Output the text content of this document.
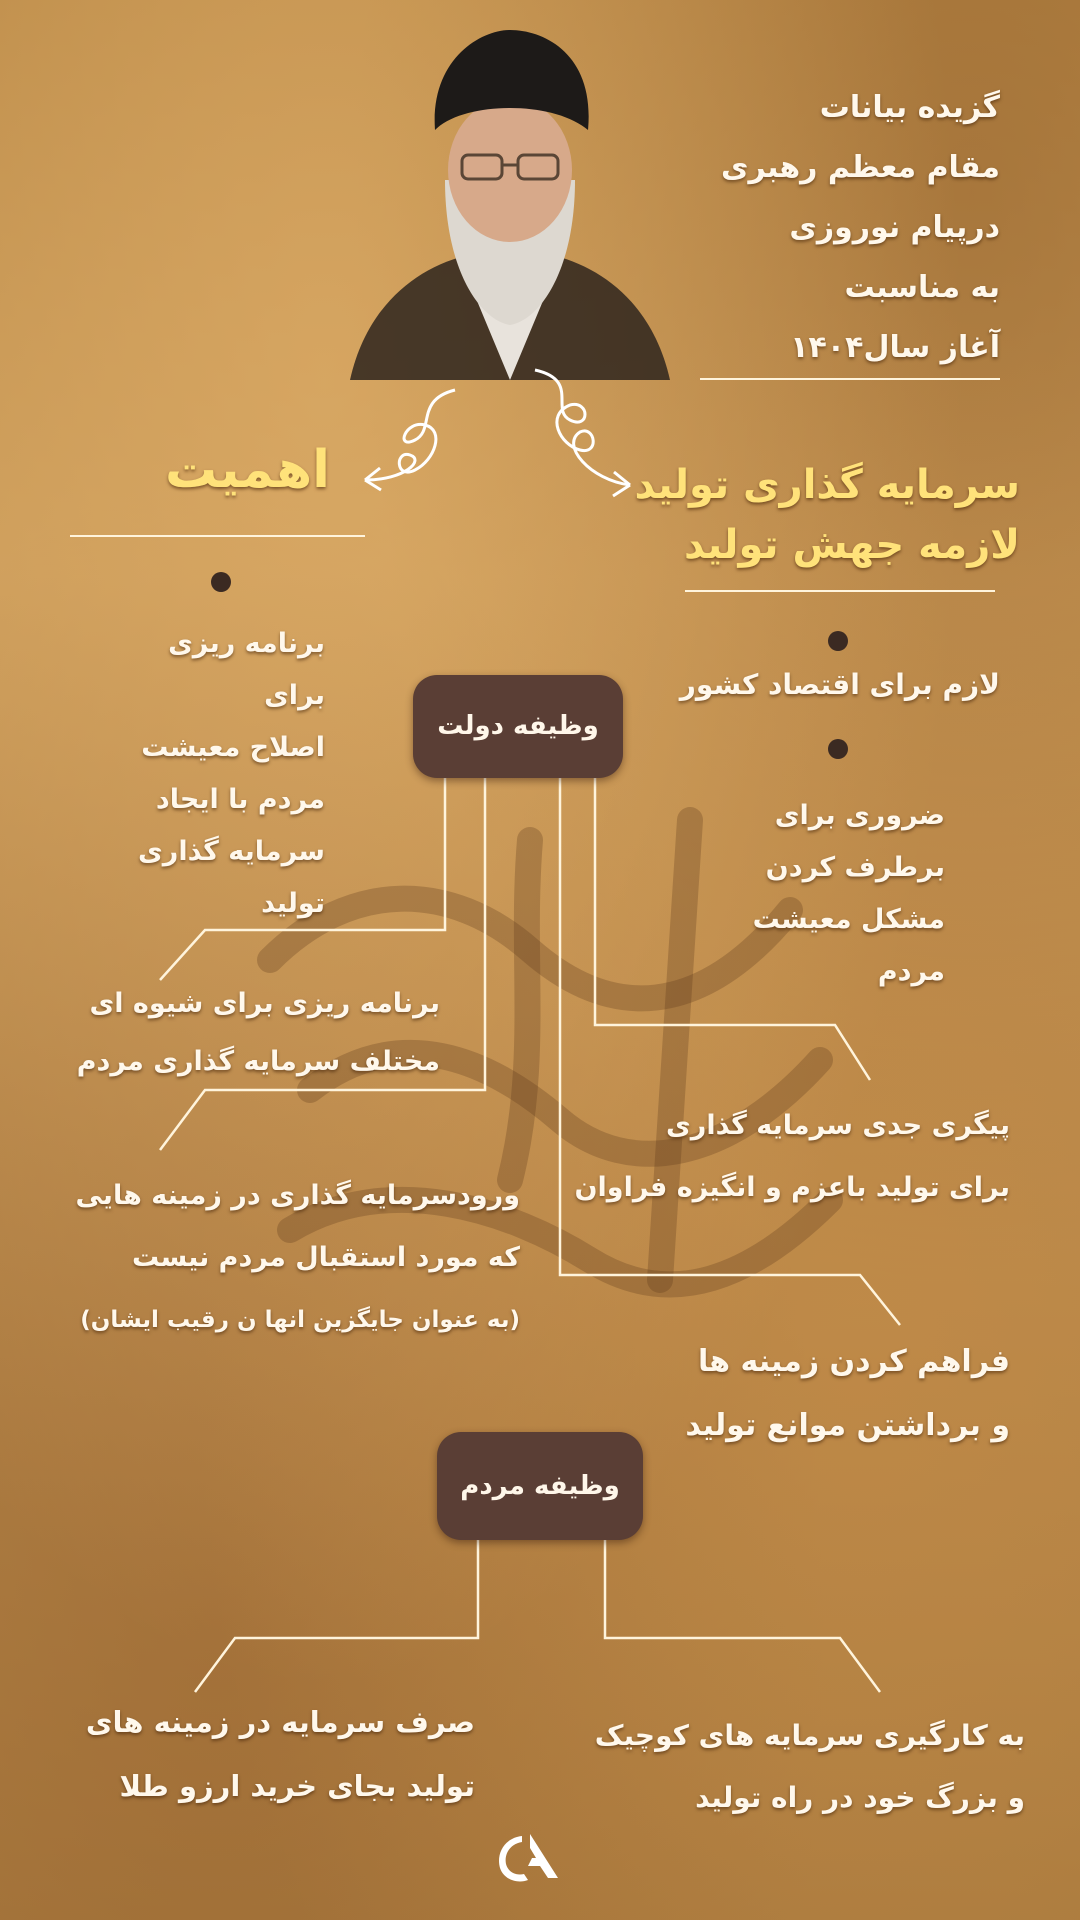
گزیده بیانات
مقام معظم رهبری
درپیام نوروزی
به مناسبت
آغاز سال۱۴۰۴
سرمایه گذاری تولید
لازمه جهش تولید
اهمیت
برنامه ریزی برای
اصلاح معیشت
مردم با ایجاد
سرمایه گذاری
تولید
لازم برای اقتصاد کشور
ضروری برای
برطرف کردن
مشکل معیشت
مردم
وظیفه دولت
برنامه ریزی برای شیوه ای
مختلف سرمایه گذاری مردم
ورودسرمایه گذاری در زمینه هایی
که مورد استقبال مردم نیست
(به عنوان جایگزین انها ن رقیب ایشان)
پیگری جدی سرمایه گذاری
برای تولید باعزم و انگیزه فراوان
فراهم کردن زمینه ها
و برداشتن موانع تولید
وظیفه مردم
صرف سرمایه در زمینه های
تولید بجای خرید ارزو طلا
به کارگیری سرمایه های کوچیک
و بزرگ خود در راه تولید
